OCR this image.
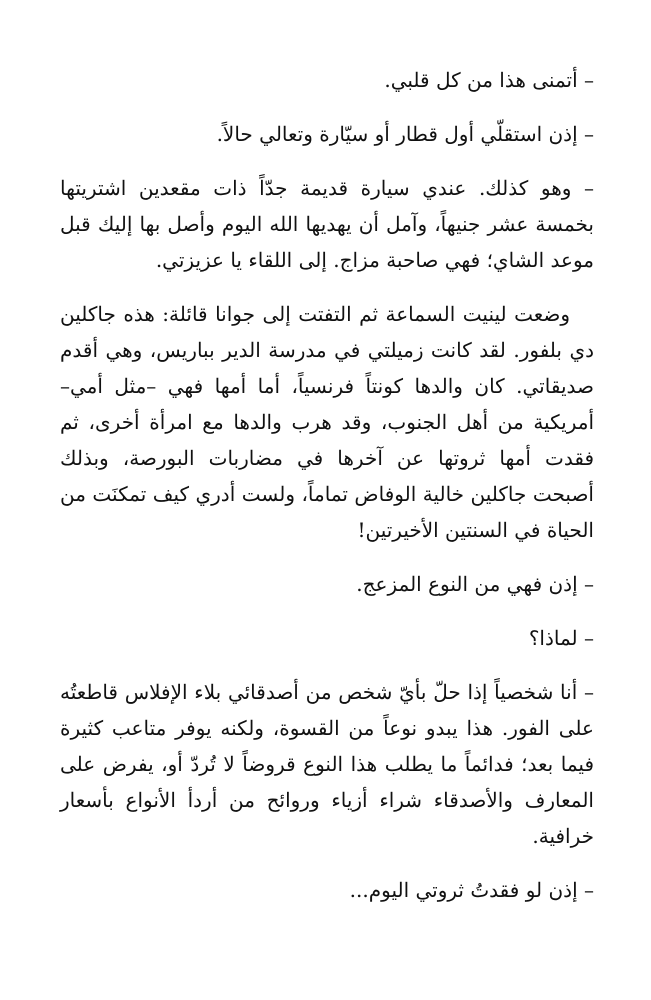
– أتمنى هذا من كل قلبي.

– إذن استقلّي أول قطار أو سيّارة وتعالي حالاً.

– وهو كذلك. عندي سيارة قديمة جدّاً ذات مقعدين اشتريتها بخمسة عشر جنيهاً، وآمل أن يهديها الله اليوم وأصل بها إليك قبل موعد الشاي؛ فهي صاحبة مزاج. إلى اللقاء يا عزيزتي.

وضعت لينيت السماعة ثم التفتت إلى جوانا قائلة: هذه جاكلين دي بلفور. لقد كانت زميلتي في مدرسة الدير بباريس، وهي أقدم صديقاتي. كان والدها كونتاً فرنسياً، أما أمها فهي –مثل أمي– أمريكية من أهل الجنوب، وقد هرب والدها مع امرأة أخرى، ثم فقدت أمها ثروتها عن آخرها في مضاربات البورصة، وبذلك أصبحت جاكلين خالية الوفاض تماماً، ولست أدري كيف تمكنَت من الحياة في السنتين الأخيرتين!

– إذن فهي من النوع المزعج.

– لماذا؟

– أنا شخصياً إذا حلّ بأيّ شخص من أصدقائي بلاء الإفلاس قاطعتُه على الفور. هذا يبدو نوعاً من القسوة، ولكنه يوفر متاعب كثيرة فيما بعد؛ فدائماً ما يطلب هذا النوع قروضاً لا تُردّ أو، يفرض على المعارف والأصدقاء شراء أزياء وروائح من أردأ الأنواع بأسعار خرافية.

– إذن لو فقدتُ ثروتي اليوم...
